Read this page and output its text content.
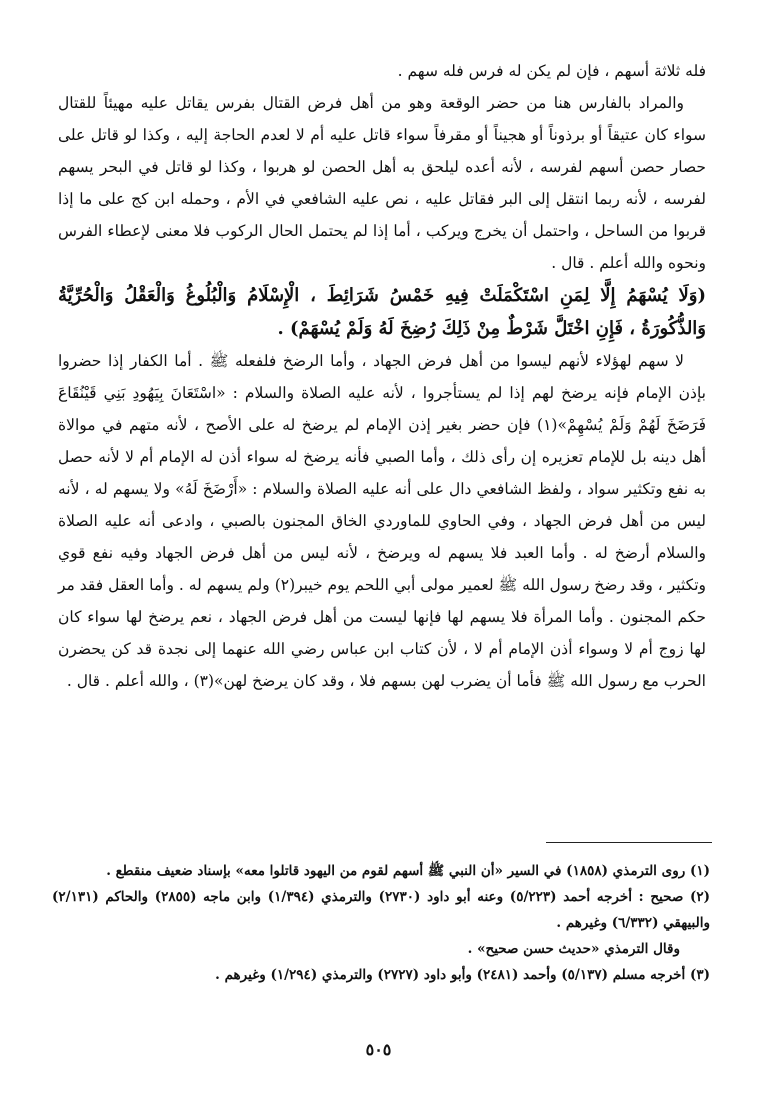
فله ثلاثة أسهم ، فإن لم يكن له فرس فله سهم .

والمراد بالفارس هنا من حضر الوقعة وهو من أهل فرض القتال بفرس يقاتل عليه مهيئاً للقتال سواء كان عتيقاً أو برذوناً أو هجيناً أو مقرفاً سواء قاتل عليه أم لا لعدم الحاجة إليه ، وكذا لو قاتل على حصار حصن أسهم لفرسه ، لأنه أعده ليلحق به أهل الحصن لو هربوا ، وكذا لو قاتل في البحر يسهم لفرسه ، لأنه ربما انتقل إلى البر فقاتل عليه ، نص عليه الشافعي في الأم ، وحمله ابن كج على ما إذا قربوا من الساحل ، واحتمل أن يخرج ويركب ، أما إذا لم يحتمل الحال الركوب فلا معنى لإعطاء الفرس ونحوه والله أعلم . قال .

(وَلَا يُسْهَمُ إِلَّا لِمَنِ اسْتَكْمَلَتْ فِيهِ خَمْسُ شَرَائِطَ ، الْإِسْلَامُ وَالْبُلُوغُ وَالْعَقْلُ وَالْحُرِّيَّةُ وَالذُّكُورَةُ ، فَإِنِ اخْتَلَّ شَرْطٌ مِنْ ذَلِكَ رُضِخَ لَهُ وَلَمْ يُسْهَمْ) .

لا سهم لهؤلاء لأنهم ليسوا من أهل فرض الجهاد ، وأما الرضخ فلفعله ﷺ . أما الكفار إذا حضروا بإذن الإمام فإنه يرضخ لهم إذا لم يستأجروا ، لأنه عليه الصلاة والسلام : «اسْتَعَانَ بِيَهُودِ بَنِي قَيْنُقَاعَ فَرَضَخَ لَهُمْ وَلَمْ يُسْهِمْ»(١) فإن حضر بغير إذن الإمام لم يرضخ له على الأصح ، لأنه متهم في موالاة أهل دينه بل للإمام تعزيره إن رأى ذلك ، وأما الصبي فأنه يرضخ له سواء أذن له الإمام أم لا لأنه حصل به نفع وتكثير سواد ، ولفظ الشافعي دال على أنه عليه الصلاة والسلام : «أَرْضَخَ لَهُ» ولا يسهم له ، لأنه ليس من أهل فرض الجهاد ، وفي الحاوي للماوردي الخاق المجنون بالصبي ، وادعى أنه عليه الصلاة والسلام أرضخ له . وأما العبد فلا يسهم له ويرضخ ، لأنه ليس من أهل فرض الجهاد وفيه نفع قوي وتكثير ، وقد رضخ رسول الله ﷺ لعمير مولى أبي اللحم يوم خيبر(٢) ولم يسهم له . وأما العقل فقد مر حكم المجنون . وأما المرأة فلا يسهم لها فإنها ليست من أهل فرض الجهاد ، نعم يرضخ لها سواء كان لها زوج أم لا وسواء أذن الإمام أم لا ، لأن كتاب ابن عباس رضي الله عنهما إلى نجدة قد كن يحضرن الحرب مع رسول الله ﷺ فأما أن يضرب لهن بسهم فلا ، وقد كان يرضخ لهن»(٣) ، والله أعلم . قال .

(١) روى الترمذي (١٨٥٨) في السير «أن النبي ﷺ أسهم لقوم من اليهود قاتلوا معه» بإسناد ضعيف منقطع .

(٢) صحيح : أخرجه أحمد (٥/٢٢٣) وعنه أبو داود (٢٧٣٠) والترمذي (١/٣٩٤) وابن ماجه (٢٨٥٥) والحاكم (٢/١٣١) والبيهقي (٦/٣٣٢) وغيرهم .

وقال الترمذي «حديث حسن صحيح» .

(٣) أخرجه مسلم (٥/١٣٧) وأحمد (٢٤٨١) وأبو داود (٢٧٢٧) والترمذي (١/٢٩٤) وغيرهم .

٥٠٥
